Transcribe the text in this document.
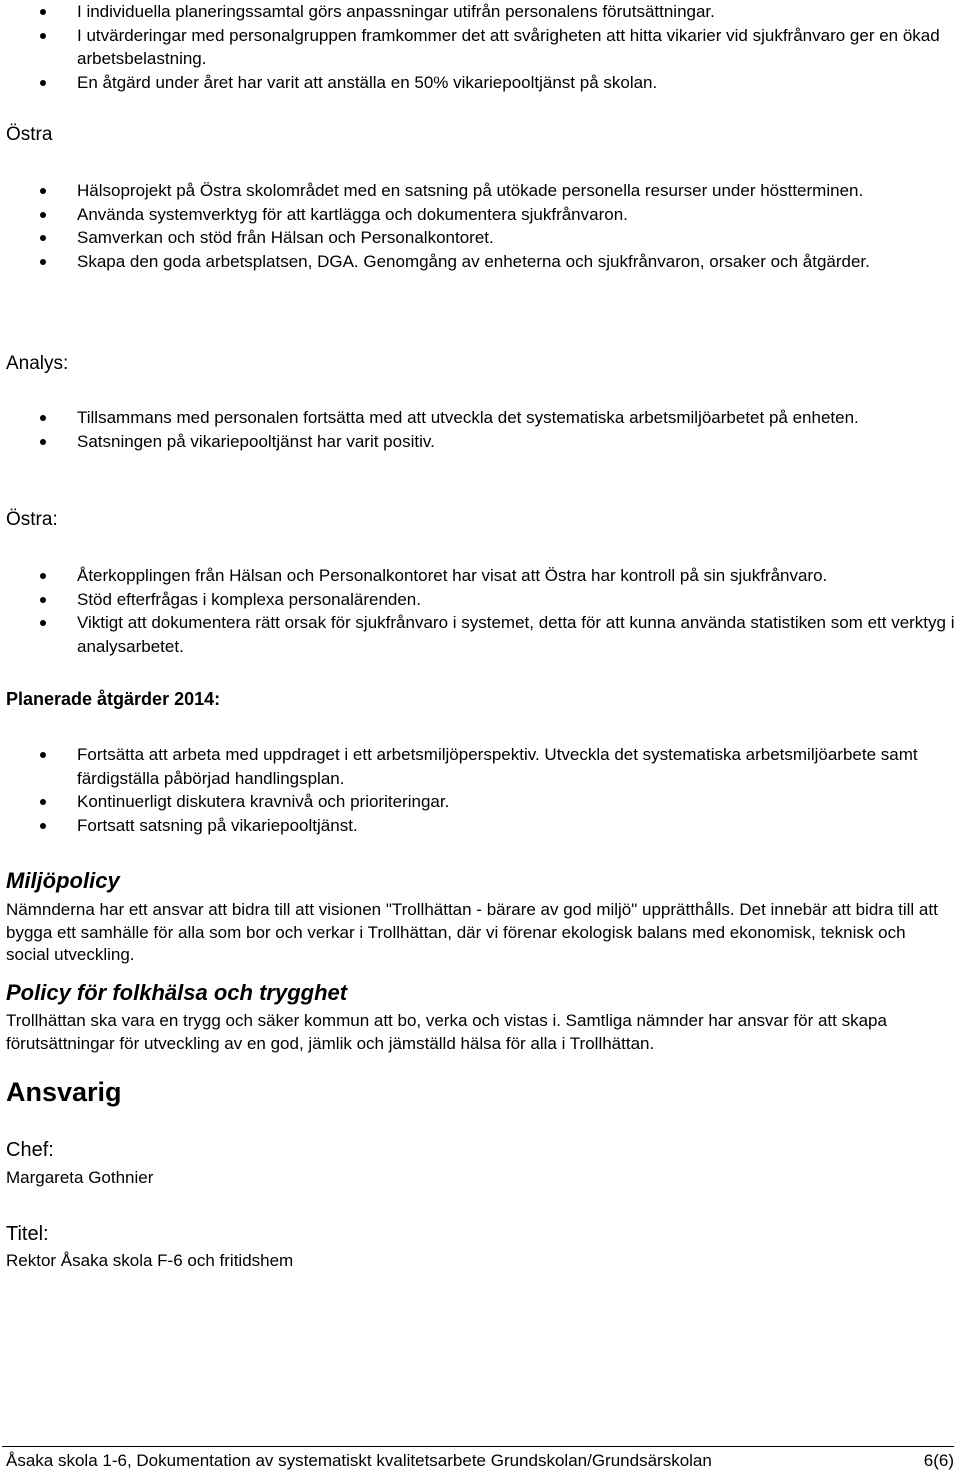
I individuella planeringssamtal görs anpassningar utifrån personalens förutsättningar.
I utvärderingar med personalgruppen framkommer det att svårigheten att hitta vikarier vid sjukfrånvaro ger en ökad arbetsbelastning.
En åtgärd under året har varit att anställa en 50% vikariepooltjänst på skolan.
Östra
Hälsoprojekt på Östra skolområdet med en satsning på utökade personella resurser under höstterminen.
Använda systemverktyg för att kartlägga och dokumentera sjukfrånvaron.
Samverkan och stöd från Hälsan och Personalkontoret.
Skapa den goda arbetsplatsen, DGA. Genomgång av enheterna och sjukfrånvaron, orsaker och åtgärder.
Analys:
Tillsammans med personalen fortsätta med att utveckla det systematiska arbetsmiljöarbetet på enheten.
Satsningen på vikariepooltjänst har varit positiv.
Östra:
Återkopplingen från Hälsan och Personalkontoret har visat att Östra har kontroll på sin sjukfrånvaro.
Stöd efterfrågas i komplexa personalärenden.
Viktigt att dokumentera rätt orsak för sjukfrånvaro i systemet, detta för att kunna använda statistiken som ett verktyg i analysarbetet.
Planerade åtgärder 2014:
Fortsätta att arbeta med uppdraget i ett arbetsmiljöperspektiv. Utveckla det systematiska arbetsmiljöarbete samt färdigställa påbörjad handlingsplan.
Kontinuerligt diskutera kravnivå och prioriteringar.
Fortsatt satsning på vikariepooltjänst.
Miljöpolicy
Nämnderna har ett ansvar att bidra till att visionen "Trollhättan - bärare av god miljö" upprätthålls. Det innebär att bidra till att bygga ett samhälle för alla som bor och verkar i Trollhättan, där vi förenar ekologisk balans med ekonomisk, teknisk och social utveckling.
Policy för folkhälsa och trygghet
Trollhättan ska vara en trygg och säker kommun att bo, verka och vistas i. Samtliga nämnder har ansvar för att skapa förutsättningar för utveckling av en god, jämlik och jämställd hälsa för alla i Trollhättan.
Ansvarig
Chef:
Margareta Gothnier
Titel:
Rektor Åsaka skola F-6 och fritidshem
Åsaka skola 1-6, Dokumentation av systematiskt kvalitetsarbete Grundskolan/Grundsärskolan	6(6)
